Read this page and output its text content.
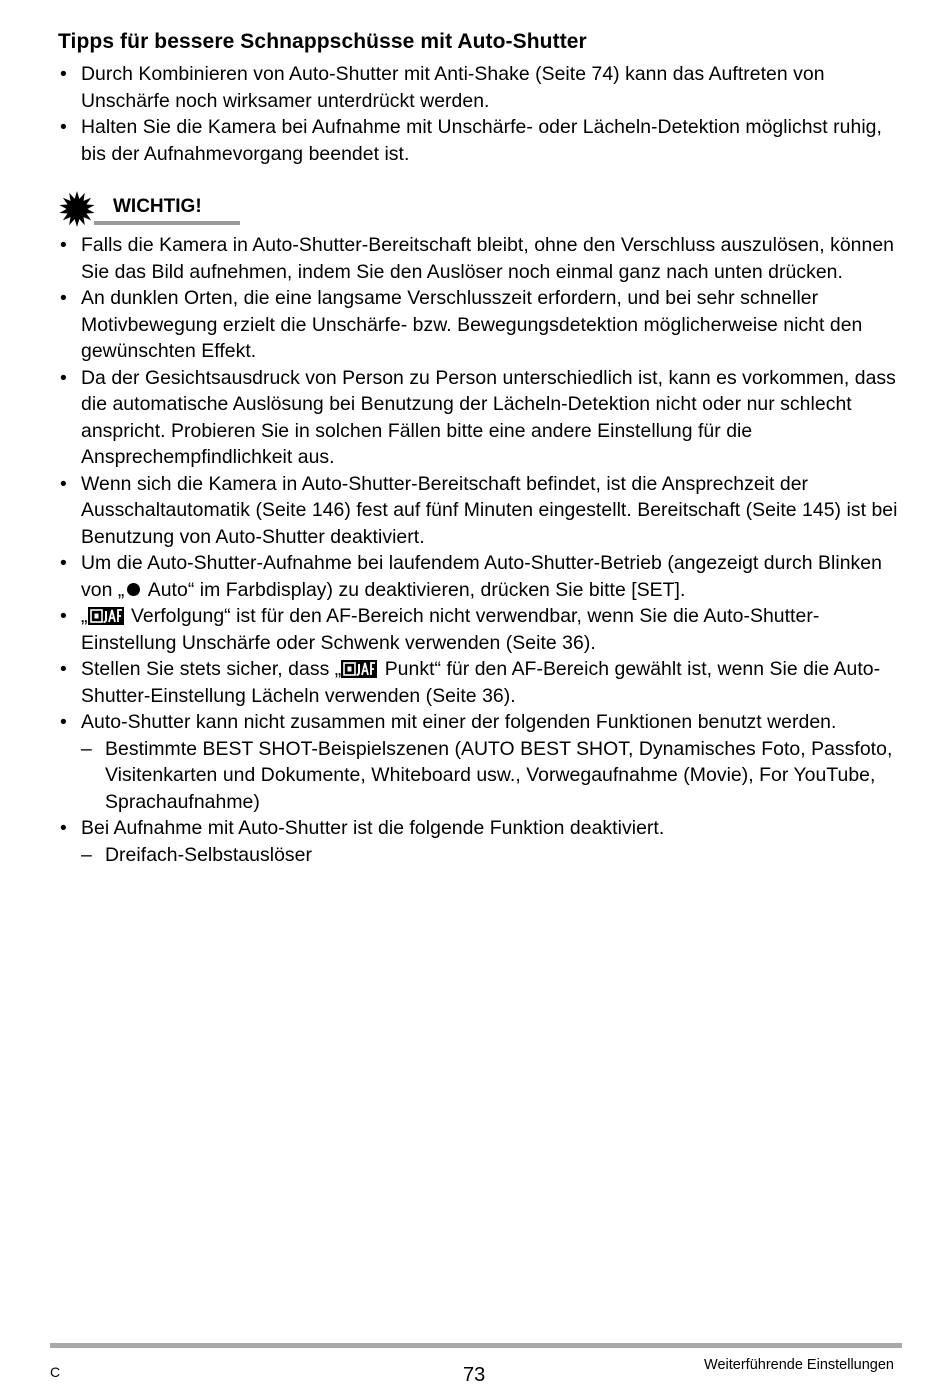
Tipps für bessere Schnappschüsse mit Auto-Shutter
• Durch Kombinieren von Auto-Shutter mit Anti-Shake (Seite 74) kann das Auftreten von Unschärfe noch wirksamer unterdrückt werden.
• Halten Sie die Kamera bei Aufnahme mit Unschärfe- oder Lächeln-Detektion möglichst ruhig, bis der Aufnahmevorgang beendet ist.
WICHTIG!
• Falls die Kamera in Auto-Shutter-Bereitschaft bleibt, ohne den Verschluss auszulösen, können Sie das Bild aufnehmen, indem Sie den Auslöser noch einmal ganz nach unten drücken.
• An dunklen Orten, die eine langsame Verschlusszeit erfordern, und bei sehr schneller Motivbewegung erzielt die Unschärfe- bzw. Bewegungsdetektion möglicherweise nicht den gewünschten Effekt.
• Da der Gesichtsausdruck von Person zu Person unterschiedlich ist, kann es vorkommen, dass die automatische Auslösung bei Benutzung der Lächeln-Detektion nicht oder nur schlecht anspricht. Probieren Sie in solchen Fällen bitte eine andere Einstellung für die Ansprechempfindlichkeit aus.
• Wenn sich die Kamera in Auto-Shutter-Bereitschaft befindet, ist die Ansprechzeit der Ausschaltautomatik (Seite 146) fest auf fünf Minuten eingestellt. Bereitschaft (Seite 145) ist bei Benutzung von Auto-Shutter deaktiviert.
• Um die Auto-Shutter-Aufnahme bei laufendem Auto-Shutter-Betrieb (angezeigt durch Blinken von „ Auto“ im Farbdisplay) zu deaktivieren, drücken Sie bitte [SET].
• „ Verfolgung“ ist für den AF-Bereich nicht verwendbar, wenn Sie die Auto-Shutter-Einstellung Unschärfe oder Schwenk verwenden (Seite 36).
• Stellen Sie stets sicher, dass „ Punkt“ für den AF-Bereich gewählt ist, wenn Sie die Auto-Shutter-Einstellung Lächeln verwenden (Seite 36).
• Auto-Shutter kann nicht zusammen mit einer der folgenden Funktionen benutzt werden.
– Bestimmte BEST SHOT-Beispielszenen (AUTO BEST SHOT, Dynamisches Foto, Passfoto, Visitenkarten und Dokumente, Whiteboard usw., Vorwegaufnahme (Movie), For YouTube, Sprachaufnahme)
• Bei Aufnahme mit Auto-Shutter ist die folgende Funktion deaktiviert.
– Dreifach-Selbstauslöser
C	73	Weiterführende Einstellungen
